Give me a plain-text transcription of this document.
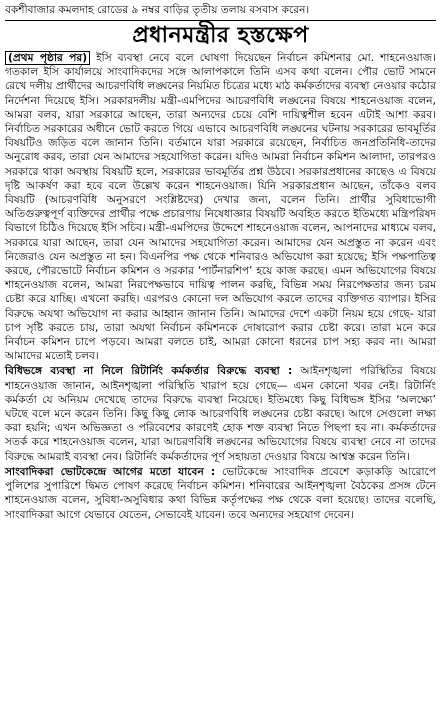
বকশীবাজার কমলদাহ রোডের ৯ নম্বর বাড়ির তৃতীয় তলায় বসবাস করেন।
প্রধানমন্ত্রীর হস্তক্ষেপ

(প্রথম পৃষ্ঠার পর) ইসি ব্যবস্থা নেবে বলে ঘোষণা দিয়েছেন নির্বাচন কমিশনার মো. শাহনেওয়াজ। গতকাল ইসি কার্যালয়ে সাংবাদিকদের সঙ্গে আলাপকালে তিনি এসব কথা বলেন। পৌর ভোট সামনে রেখে দলীয় প্রার্থীদের আচরণবিধি লঙ্ঘনের নিয়মিত চিত্রের মধ্যে মাঠ কর্মকর্তাদের ব্যবস্থা নেওয়ার কঠোর নির্দেশনা দিয়েছে ইসি। সরকারদলীয় মন্ত্রী-এমপিদের আচরণবিধি লঙ্ঘনের বিষয়ে শাহনেওয়াজ বলেন, আমরা বলব, যারা সরকারে আছেন, তারা অন্যদের চেয়ে বেশি দায়িত্বশীল হবেন এটাই আশা করব। নির্বাচিত সরকারের অধীনে ভোট করতে গিয়ে এভাবে আচরণবিধি লঙ্ঘনের ঘটনায় সরকারের ভাবমূর্তির বিষয়টিও জড়িত বলে জানান তিনি। বর্তমানে যারা সরকারে রয়েছেন, নির্বাচিত জনপ্রতিনিধি-তাদের অনুরোধ করব, তারা যেন আমাদের সহযোগিতা করেন। যদিও আমরা নির্বাচন কমিশন আলাদা, তারপরও সরকারে থাকা অবস্থায় বিষয়টি হলে, সরকারের ভাবমূর্তির প্রশ্ন উঠবে। সরকারপ্রধানের কাছেও এ বিষয়ে দৃষ্টি আকর্ষণ করা হবে বলে উল্লেখ করেন শাহনেওয়াজ। যিনি সরকারপ্রধান আছেন, তাঁকেও বলব বিষয়টি (আচরণবিধি অনুসরণে সংশ্লিষ্টদের) দেখার জন্য, বলেন তিনি। প্রার্থীর সুবিধাভোগী অতিগুরুত্বপূর্ণ ব্যক্তিদের প্রার্থীর পক্ষে প্রচারণায় নিষেধাজ্ঞার বিষয়টি অবহিত করতে ইতিমধ্যে মন্ত্রিপরিষদ বিভাগে চিঠিও দিয়েছে ইসি সচিব। মন্ত্রী-এমপিদের উদ্দেশে শাহনেওয়াজ বলেন, আপনাদের মাধ্যমে বলব, সরকারে যারা আছেন, তারা যেন আমাদের সহযোগিতা করেন। আমাদের যেন অপ্রস্তুত না করেন এবং নিজেরাও যেন অপ্রস্তুত না হন। বিএনপির পক্ষ থেকে শনিবারও অভিযোগ করা হয়েছে; ইসি পক্ষপাতিত্ব করছে, পৌরভোটে নির্বাচন কমিশন ও সরকার ‘পার্টনারশিপ’ হয়ে কাজ করছে। এমন অভিযোগের বিষয়ে শাহনেওয়াজ বলেন, আমরা নিরপেক্ষভাবে দায়িত্ব পালন করছি, বিভিন্ন সময় নিরপেক্ষতার জন্য চরম চেষ্টা করে যাচ্ছি। এখনো করছি। এরপরও কোনো দল অভিযোগ করলে তাদের ব্যক্তিগত ব্যাপার। ইসির বিরুদ্ধে অযথা অভিযোগ না করার আহ্বান জানান তিনি। আমাদের দেশে একটা নিয়ম হয়ে গেছে- যারা চাপ সৃষ্টি করতে চায়, তারা অযথা নির্বাচন কমিশনকে দোষারোপ করার চেষ্টা করে। তারা মনে করে নির্বাচন কমিশন চাপে পড়বে। আমরা বলতে চাই, আমরা কোনো ধরনের চাপ সহ্য করব না। আমরা আমাদের মতোই চলব।

বিধিভঙ্গে ব্যবস্থা না নিলে রিটার্নিং কর্মকর্তার বিরুদ্ধে ব্যবস্থা : আইনশৃঙ্খলা পরিস্থিতির বিষয়ে শাহনেওয়াজ জানান, আইনশৃঙ্খলা পরিস্থিতি খারাপ হয়ে গেছে— এমন কোনো খবর নেই। রিটার্নিং কর্মকর্তা যে অনিয়ম দেখেছে তাদের বিরুদ্ধে ব্যবস্থা নিয়েছে। ইতিমধ্যে কিছু বিধিভঙ্গ ইসির ‘অলক্ষ্যে’ ঘটছে বলে মনে করেন তিনি। কিছু কিছু লোক আচরণবিধি লঙ্ঘনের চেষ্টা করছে। আগে সেগুলো লক্ষ্য করা হয়নি; এখন অভিজ্ঞতা ও পরিবেশের কারণেই হোক শক্ত ব্যবস্থা নিতে পিছপা হব না। কর্মকর্তাদের সতর্ক করে শাহনেওয়াজ বলেন, যারা আচরণবিধি লঙ্ঘনের অভিযোগের বিষয়ে ব্যবস্থা নেবে না তাদের বিরুদ্ধে আমরাই ব্যবস্থা নেব। রিটার্নিং কর্মকর্তাদের পূর্ণ সহায়তা দেওয়ার বিষয়ে আশ্বস্ত করেন তিনি।

সাংবাদিকরা ভোটকেন্দ্রে আগের মতো যাবেন : ভোটকেন্দ্রে সাংবাদিক প্রবেশে কড়াকড়ি আরোপে পুলিশের সুপারিশে দ্বিমত পোষণ করেছে নির্বাচন কমিশন। শনিবারের আইনশৃঙ্খলা বৈঠকের প্রসঙ্গ টেনে শাহনেওয়াজ বলেন, সুবিধা-অসুবিধার কথা বিভিন্ন কর্তৃপক্ষের পক্ষ থেকে বলা হয়েছে। তাদের বলেছি, সাংবাদিকরা আগে যেভাবে যেতেন, সেভাবেই যাবেন। তবে অন্যদের সহযোগ দেবেন।
